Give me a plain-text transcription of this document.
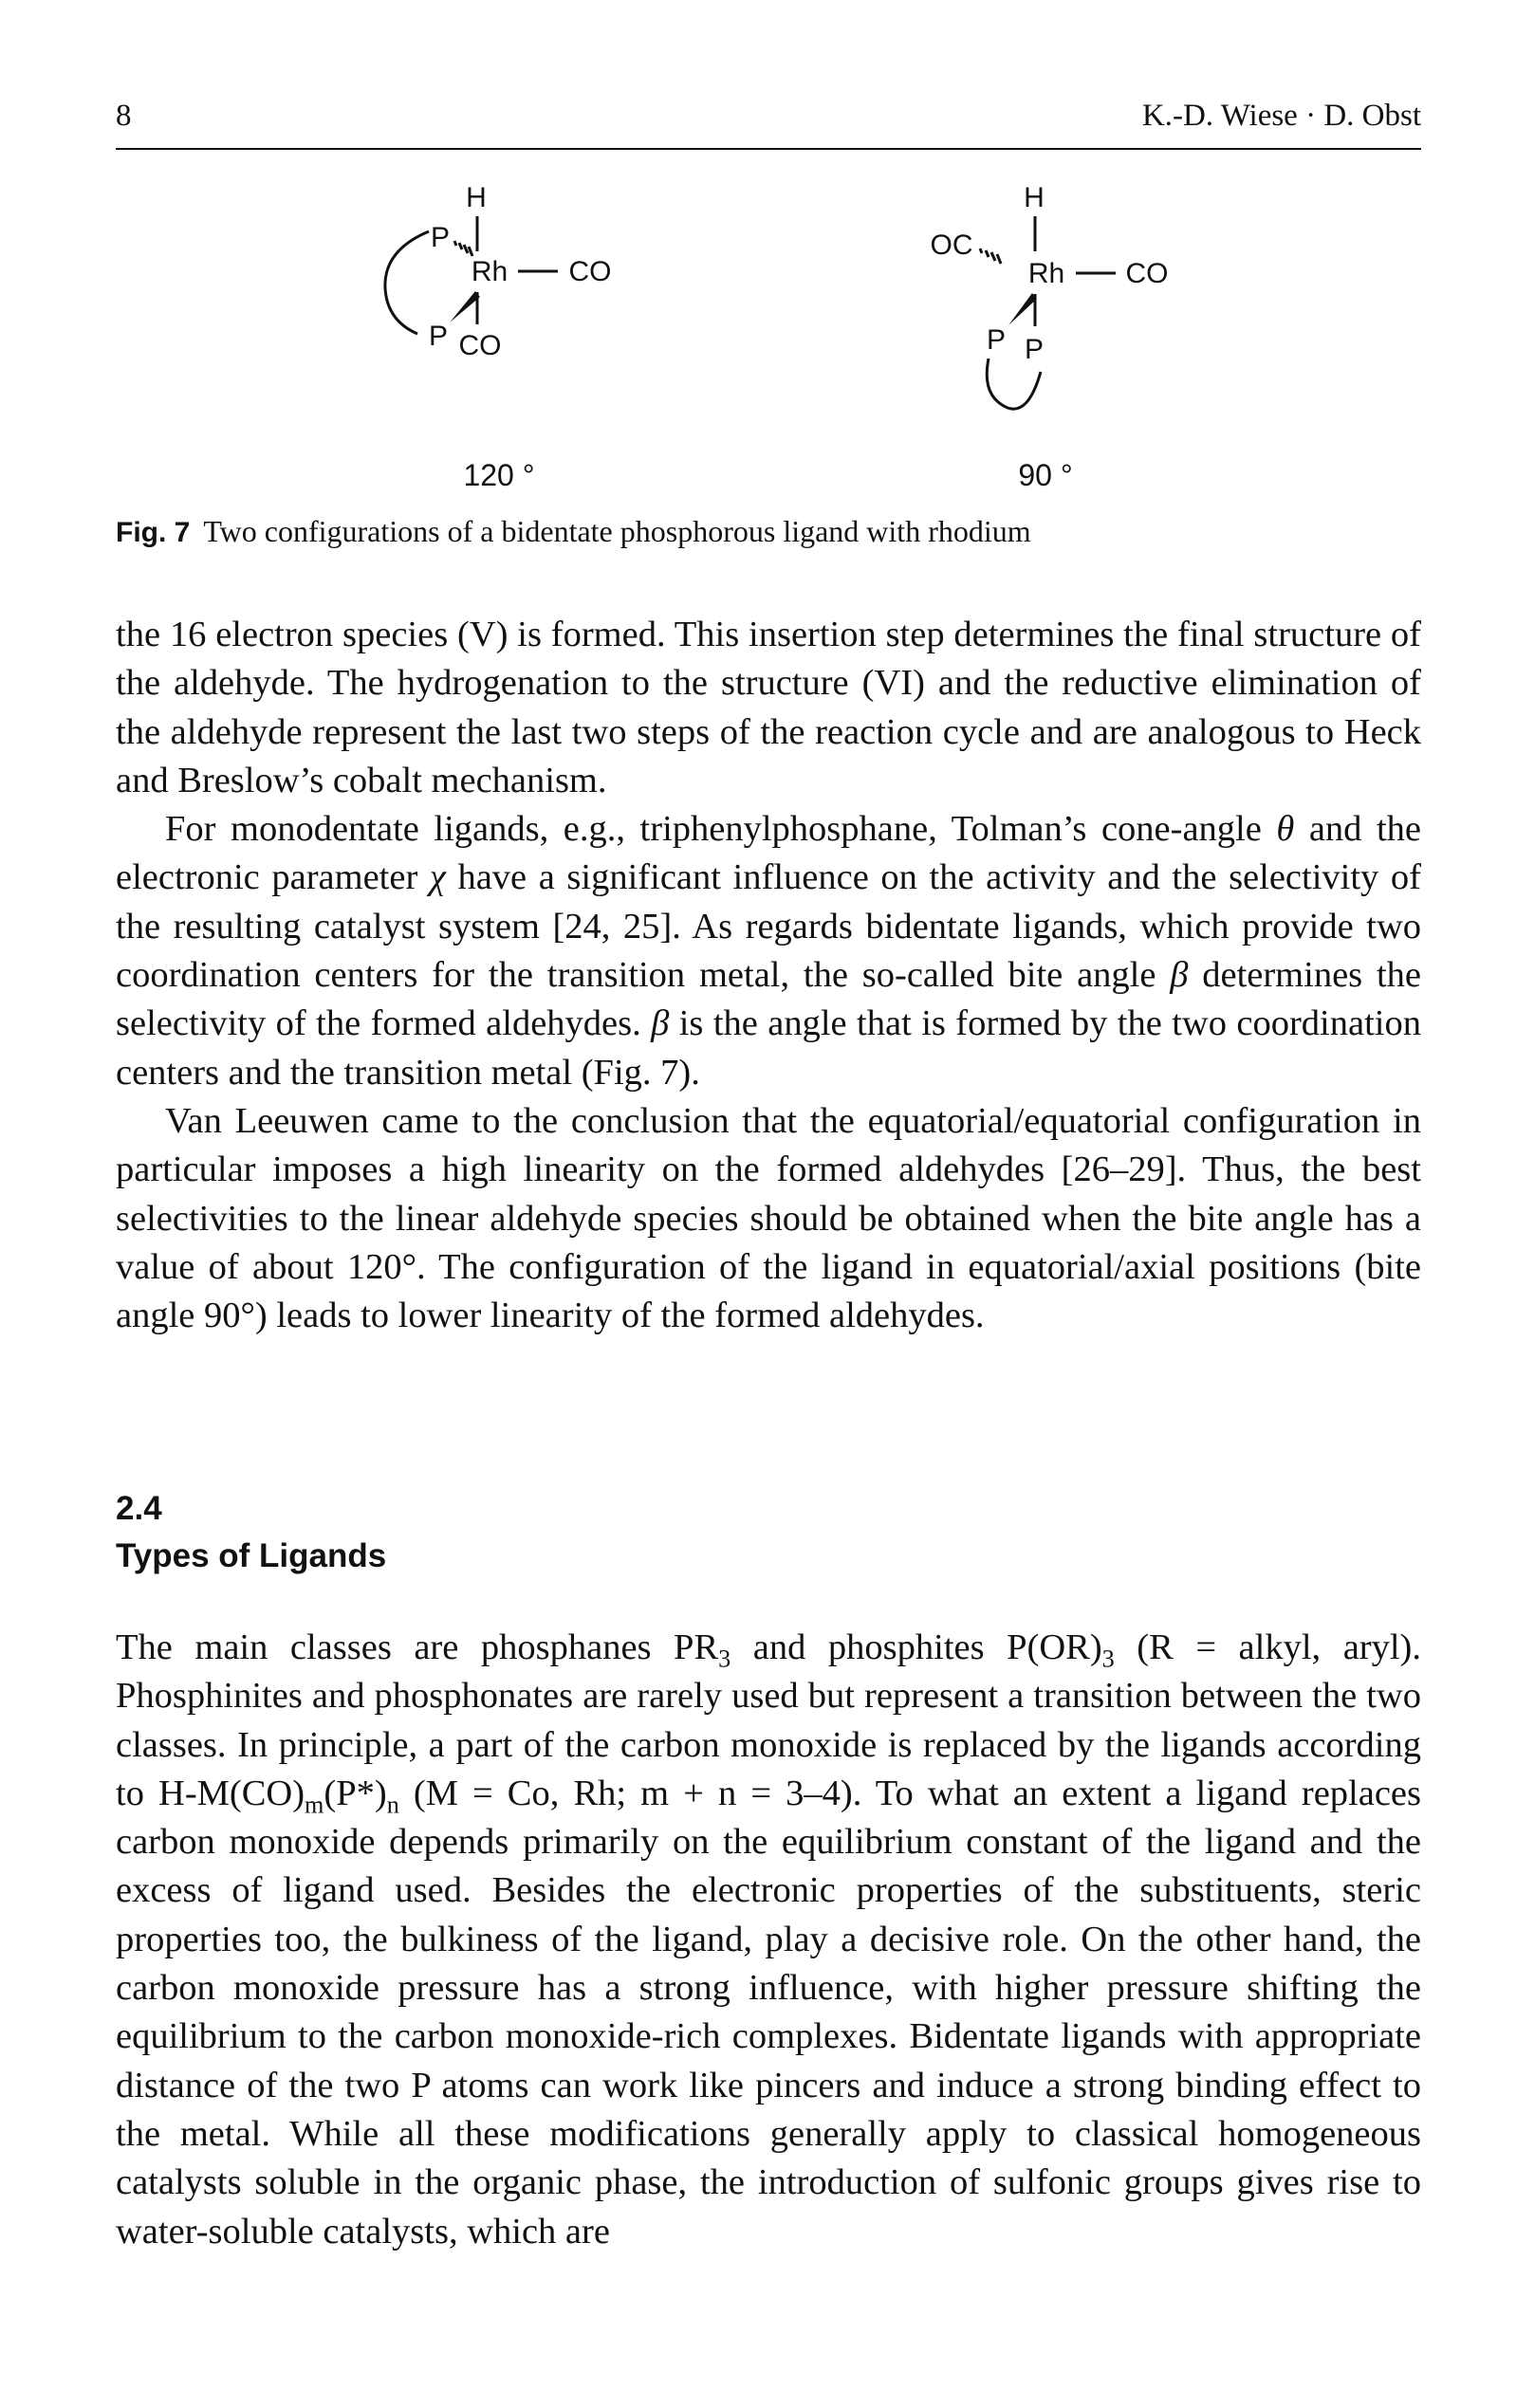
8	K.-D. Wiese · D. Obst
H
P
Rh CO
P CO
120 °
H
OC
Rh CO
P P
90 °
Fig. 7 Two configurations of a bidentate phosphorous ligand with rhodium

the 16 electron species (V) is formed. This insertion step determines the final structure of the aldehyde. The hydrogenation to the structure (VI) and the reductive elimination of the aldehyde represent the last two steps of the reaction cycle and are analogous to Heck and Breslow’s cobalt mechanism.

For monodentate ligands, e.g., triphenylphosphane, Tolman’s cone-angle θ and the electronic parameter χ have a significant influence on the activity and the selectivity of the resulting catalyst system [24, 25]. As regards bidentate ligands, which provide two coordination centers for the transition metal, the so-called bite angle β determines the selectivity of the formed aldehydes. β is the angle that is formed by the two coordination centers and the transition metal (Fig. 7).

Van Leeuwen came to the conclusion that the equatorial/equatorial configuration in particular imposes a high linearity on the formed aldehydes [26–29]. Thus, the best selectivities to the linear aldehyde species should be obtained when the bite angle has a value of about 120°. The configuration of the ligand in equatorial/axial positions (bite angle 90°) leads to lower linearity of the formed aldehydes.

2.4
Types of Ligands

The main classes are phosphanes $PR_3$ and phosphites $P(OR)_3$ (R = alkyl, aryl). Phosphinites and phosphonates are rarely used but represent a transition between the two classes. In principle, a part of the carbon monoxide is replaced by the ligands according to $H-M(CO)_m(P*)_n$ (M = Co, Rh; m + n = 3–4). To what an extent a ligand replaces carbon monoxide depends primarily on the equilibrium constant of the ligand and the excess of ligand used. Besides the electronic properties of the substituents, steric properties too, the bulkiness of the ligand, play a decisive role. On the other hand, the carbon monoxide pressure has a strong influence, with higher pressure shifting the equilibrium to the carbon monoxide-rich complexes. Bidentate ligands with appropriate distance of the two P atoms can work like pincers and induce a strong binding effect to the metal. While all these modifications generally apply to classical homogeneous catalysts soluble in the organic phase, the introduction of sulfonic groups gives rise to water-soluble catalysts, which are
